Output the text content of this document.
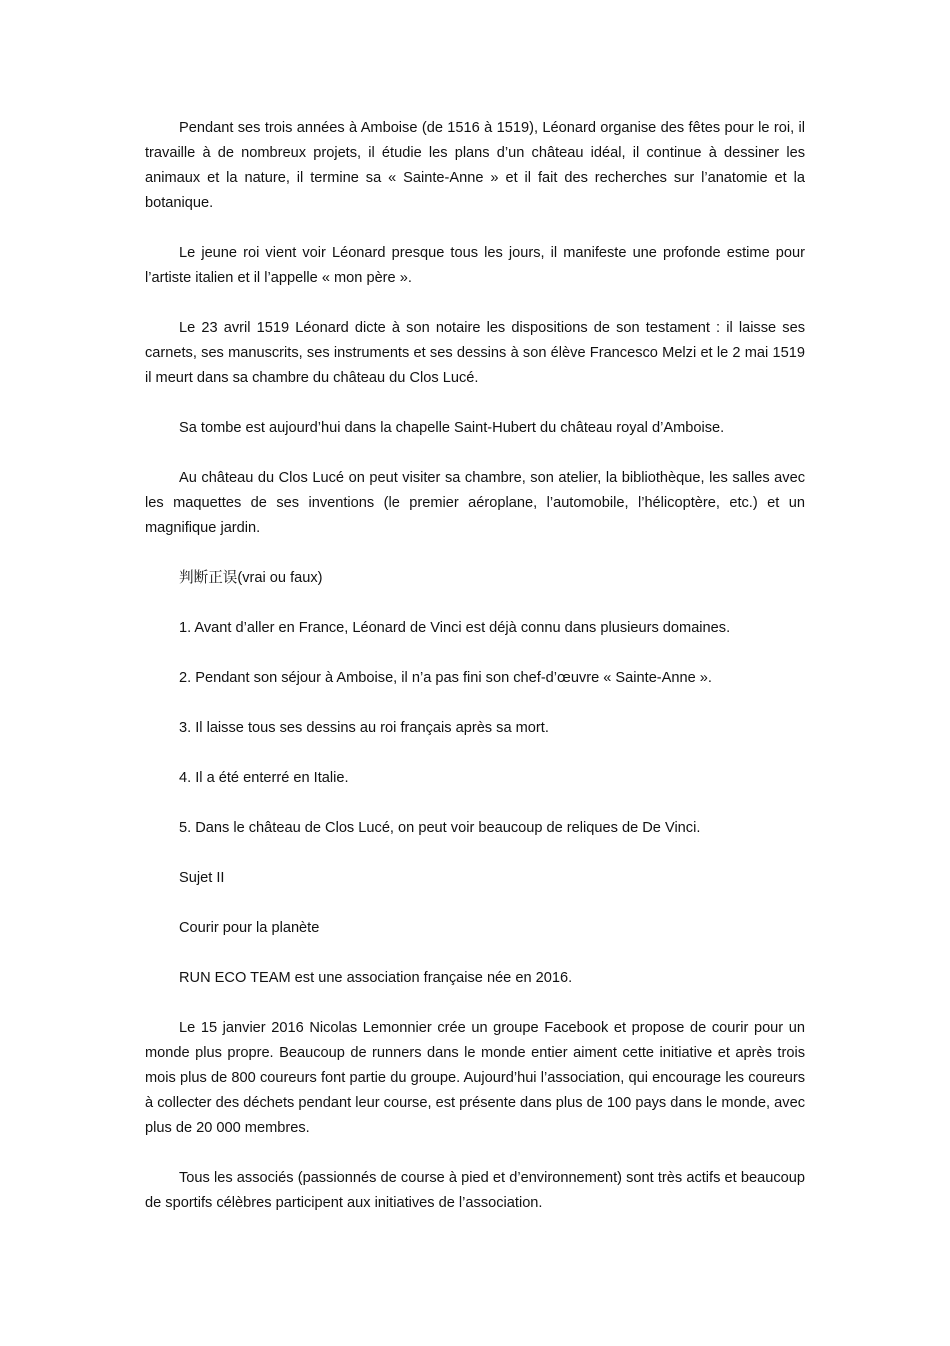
Pendant ses trois années à Amboise (de 1516 à 1519), Léonard organise des fêtes pour le roi, il travaille à de nombreux projets, il étudie les plans d’un château idéal, il continue à dessiner les animaux et la nature, il termine sa « Sainte-Anne » et il fait des recherches sur l’anatomie et la botanique.

Le jeune roi vient voir Léonard presque tous les jours, il manifeste une profonde estime pour l’artiste italien et il l’appelle « mon père ».

Le 23 avril 1519 Léonard dicte à son notaire les dispositions de son testament : il laisse ses carnets, ses manuscrits, ses instruments et ses dessins à son élève Francesco Melzi et le 2 mai 1519 il meurt dans sa chambre du château du Clos Lucé.

Sa tombe est aujourd’hui dans la chapelle Saint-Hubert du château royal d’Amboise.

Au château du Clos Lucé on peut visiter sa chambre, son atelier, la bibliothèque, les salles avec les maquettes de ses inventions (le premier aéroplane, l’automobile, l’hélicoptère, etc.) et un magnifique jardin.

判断正误(vrai ou faux)

1. Avant d’aller en France, Léonard de Vinci est déjà connu dans plusieurs domaines.

2. Pendant son séjour à Amboise, il n’a pas fini son chef-d’œuvre « Sainte-Anne ».

3. Il laisse tous ses dessins au roi français après sa mort.

4. Il a été enterré en Italie.

5. Dans le château de Clos Lucé, on peut voir beaucoup de reliques de De Vinci.

Sujet II

Courir pour la planète

RUN ECO TEAM est une association française née en 2016.

Le 15 janvier 2016 Nicolas Lemonnier crée un groupe Facebook et propose de courir pour un monde plus propre. Beaucoup de runners dans le monde entier aiment cette initiative et après trois mois plus de 800 coureurs font partie du groupe. Aujourd’hui l’association, qui encourage les coureurs à collecter des déchets pendant leur course, est présente dans plus de 100 pays dans le monde, avec plus de 20 000 membres.

Tous les associés (passionnés de course à pied et d’environnement) sont très actifs et beaucoup de sportifs célèbres participent aux initiatives de l’association.
